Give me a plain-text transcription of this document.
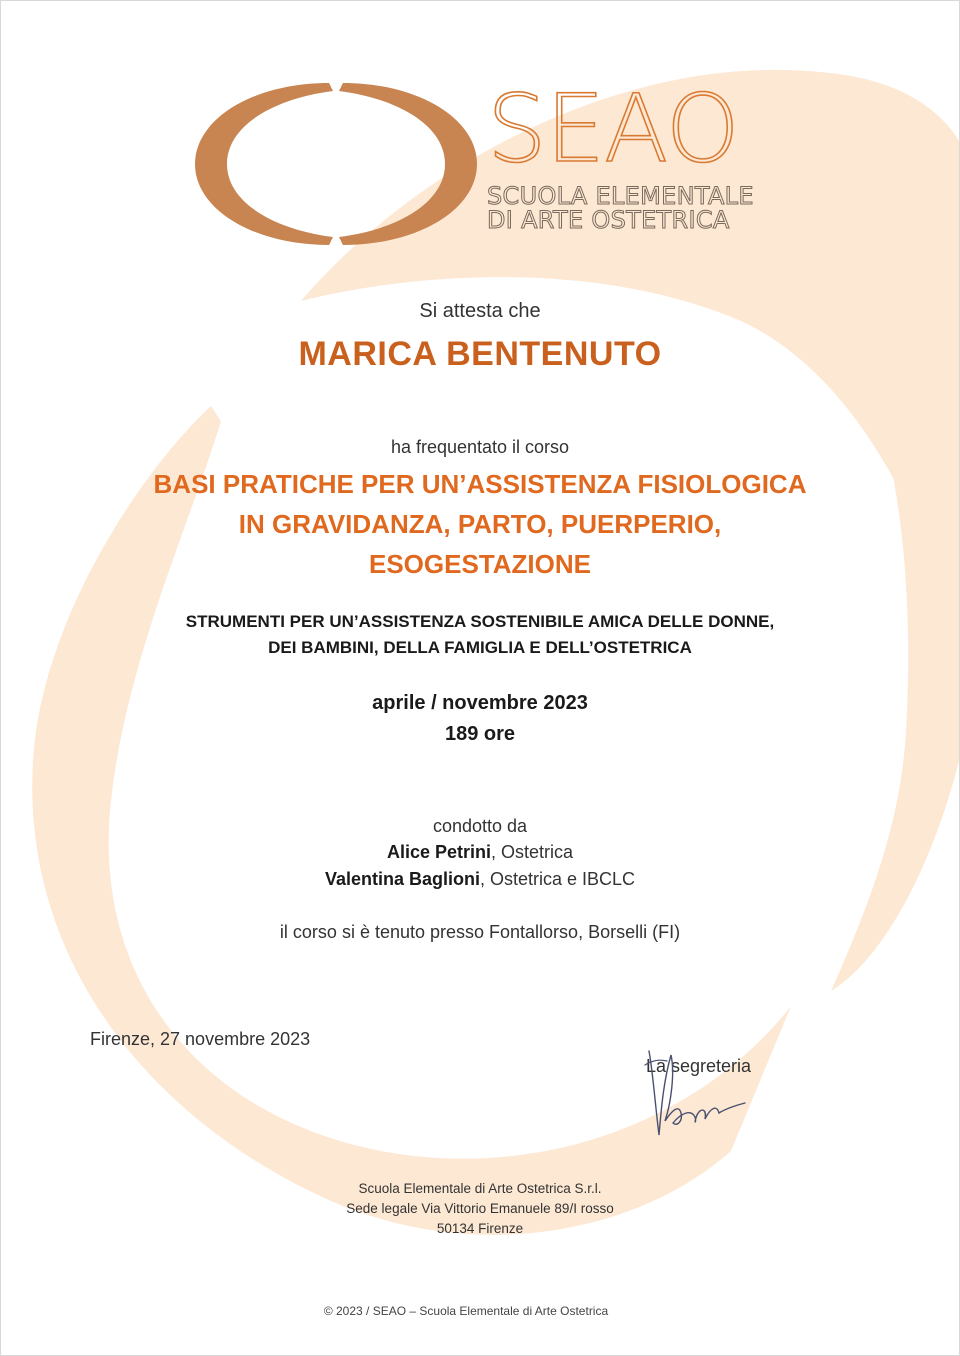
SEAO
SCUOLA ELEMENTALE
DI ARTE OSTETRICA
Si attesta che
MARICA BENTENUTO
ha frequentato il corso
BASI PRATICHE PER UN’ASSISTENZA FISIOLOGICA
IN GRAVIDANZA, PARTO, PUERPERIO,
ESOGESTAZIONE
STRUMENTI PER UN’ASSISTENZA SOSTENIBILE AMICA DELLE DONNE,
DEI BAMBINI, DELLA FAMIGLIA E DELL’OSTETRICA
aprile / novembre 2023
189 ore
condotto da
Alice Petrini, Ostetrica
Valentina Baglioni, Ostetrica e IBCLC
il corso si è tenuto presso Fontallorso, Borselli (FI)
Firenze, 27 novembre 2023
La segreteria
Scuola Elementale di Arte Ostetrica S.r.l.
Sede legale Via Vittorio Emanuele 89/I rosso
50134 Firenze
© 2023 / SEAO – Scuola Elementale di Arte Ostetrica
